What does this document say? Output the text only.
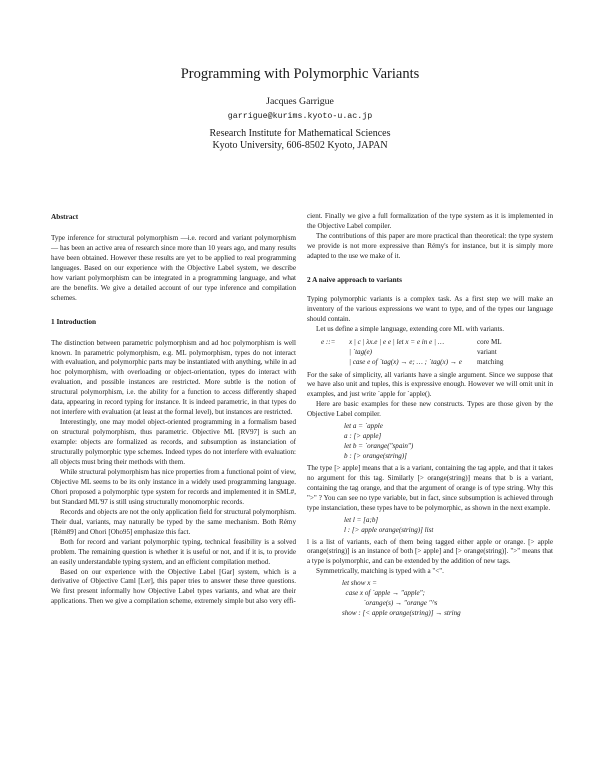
Programming with Polymorphic Variants
Jacques Garrigue
garrigue@kurims.kyoto-u.ac.jp
Research Institute for Mathematical Sciences
Kyoto University, 606-8502 Kyoto, JAPAN

Abstract

Type inference for structural polymorphism —i.e. record and variant polymorphism— has been an active area of research since more than 10 years ago, and many results have been obtained. However these results are yet to be applied to real programming languages. Based on our experience with the Objective Label system, we describe how variant polymorphism can be integrated in a programming language, and what are the benefits. We give a detailed account of our type inference and compilation schemes.

1 Introduction

The distinction between parametric polymorphism and ad hoc polymorphism is well known. In parametric polymorphism, e.g. ML polymorphism, types do not interact with evaluation, and polymorphic parts may be instantiated with anything, while in ad hoc polymorphism, with overloading or object-orientation, types do interact with evaluation, and possible instances are restricted. More subtle is the notion of structural polymorphism, i.e. the ability for a function to access differently shaped data, appearing in record typing for instance. It is indeed parametric, in that types do not interfere with evaluation (at least at the formal level), but instances are restricted.

Interestingly, one may model object-oriented programming in a formalism based on structural polymorphism, thus parametric. Objective ML [RV97] is such an example: objects are formalized as records, and subsumption as instanciation of structurally polymorphic type schemes. Indeed types do not interfere with evaluation: all objects must bring their methods with them.

While structural polymorphism has nice properties from a functional point of view, Objective ML seems to be its only instance in a widely used programming language. Ohori proposed a polymorphic type system for records and implemented it in SML#, but Standard ML'97 is still using structurally monomorphic records.

Records and objects are not the only application field for structural polymorphism. Their dual, variants, may naturally be typed by the same mechanism. Both Rémy [Rém89] and Ohori [Oho95] emphasize this fact.

Both for record and variant polymorphic typing, technical feasibility is a solved problem. The remaining question is whether it is useful or not, and if it is, to provide an easily understandable typing system, and an efficient compilation method.

Based on our experience with the Objective Label [Gar] system, which is a derivative of Objective Caml [Ler], this paper tries to answer these three questions. We first present informally how Objective Label types variants, and what are their applications. Then we give a compilation scheme, extremely simple but also very effi-

cient. Finally we give a full formalization of the type system as it is implemented in the Objective Label compiler.

The contributions of this paper are more practical than theoretical: the type system we provide is not more expressive than Rémy's for instance, but it is simply more adapted to the use we make of it.

2 A naive approach to variants

Typing polymorphic variants is a complex task. As a first step we will make an inventory of the various expressions we want to type, and of the types our language should contain.

Let us define a simple language, extending core ML with variants.

e ::= x | c | λx.e | e e | let x = e in e | …	core ML
| `tag(e)	variant
| case e of `tag(x) → e; … ; `tag(x) → e matching

For the sake of simplicity, all variants have a single argument. Since we suppose that we have also unit and tuples, this is expressive enough. However we will omit unit in examples, and just write `apple for `apple().

Here are basic examples for these new constructs. Types are those given by the Objective Label compiler.

let a = `apple
a : [> apple]
let b = `orange("spain")
b : [> orange(string)]

The type [> apple] means that a is a variant, containing the tag apple, and that it takes no argument for this tag. Similarly [> orange(string)] means that b is a variant, containing the tag orange, and that the argument of orange is of type string. Why this ">" ? You can see no type variable, but in fact, since subsumption is achieved through type instanciation, these types have to be polymorphic, as shown in the next example.

let l = [a;b]
l : [> apple orange(string)] list

l is a list of variants, each of them being tagged either apple or orange. [> apple orange(string)] is an instance of both [> apple] and [> orange(string)]. ">" means that a type is polymorphic, and can be extended by the addition of new tags.

Symmetrically, matching is typed with a "<".

let show x =
case x of `apple → "apple";
`orange(s) → "orange "^s
show : [< apple orange(string)] → string
